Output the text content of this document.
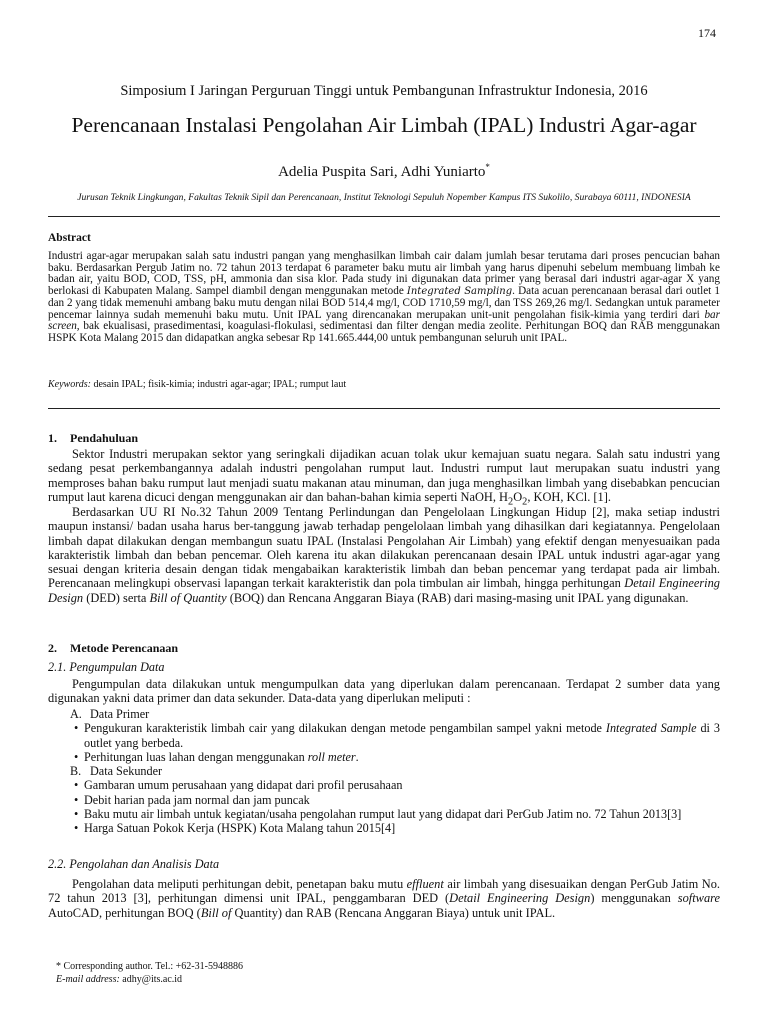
174
Simposium I Jaringan Perguruan Tinggi untuk Pembangunan Infrastruktur Indonesia, 2016
Perencanaan Instalasi Pengolahan Air Limbah (IPAL) Industri Agar-agar
Adelia Puspita Sari, Adhi Yuniarto*
Jurusan Teknik Lingkungan, Fakultas Teknik Sipil dan Perencanaan, Institut Teknologi Sepuluh Nopember Kampus ITS Sukolilo, Surabaya 60111, INDONESIA
Abstract
Industri agar-agar merupakan salah satu industri pangan yang menghasilkan limbah cair dalam jumlah besar terutama dari proses pencucian bahan baku. Berdasarkan Pergub Jatim no. 72 tahun 2013 terdapat 6 parameter baku mutu air limbah yang harus dipenuhi sebelum membuang limbah ke badan air, yaitu BOD, COD, TSS, pH, ammonia dan sisa klor. Pada study ini digunakan data primer yang berasal dari industri agar-agar X yang berlokasi di Kabupaten Malang. Sampel diambil dengan menggunakan metode Integrated Sampling. Data acuan perencanaan berasal dari outlet 1 dan 2 yang tidak memenuhi ambang baku mutu dengan nilai BOD 514,4 mg/l, COD 1710,59 mg/l, dan TSS 269,26 mg/l. Sedangkan untuk parameter pencemar lainnya sudah memenuhi baku mutu. Unit IPAL yang direncanakan merupakan unit-unit pengolahan fisik-kimia yang terdiri dari bar screen, bak ekualisasi, prasedimentasi, koagulasi-flokulasi, sedimentasi dan filter dengan media zeolite. Perhitungan BOQ dan RAB menggunakan HSPK Kota Malang 2015 dan didapatkan angka sebesar Rp 141.665.444,00 untuk pembangunan seluruh unit IPAL.
Keywords: desain IPAL; fisik-kimia; industri agar-agar; IPAL; rumput laut
1. Pendahuluan

Sektor Industri merupakan sektor yang seringkali dijadikan acuan tolak ukur kemajuan suatu negara. Salah satu industri yang sedang pesat perkembangannya adalah industri pengolahan rumput laut. Industri rumput laut merupakan suatu industri yang memproses bahan baku rumput laut menjadi suatu makanan atau minuman, dan juga menghasilkan limbah yang disebabkan pencucian rumput laut karena dicuci dengan menggunakan air dan bahan-bahan kimia seperti NaOH, $H_2O_2$, KOH, KCl. [1].

Berdasarkan UU RI No.32 Tahun 2009 Tentang Perlindungan dan Pengelolaan Lingkungan Hidup [2], maka setiap industri maupun instansi/ badan usaha harus ber-tanggung jawab terhadap pengelolaan limbah yang dihasilkan dari kegiatannya. Pengelolaan limbah dapat dilakukan dengan membangun suatu IPAL (Instalasi Pengolahan Air Limbah) yang efektif dengan menyesuaikan pada karakteristik limbah dan beban pencemar. Oleh karena itu akan dilakukan perencanaan desain IPAL untuk industri agar-agar yang sesuai dengan kriteria desain dengan tidak mengabaikan karakteristik limbah dan beban pencemar yang terdapat pada air limbah. Perencanaan melingkupi observasi lapangan terkait karakteristik dan pola timbulan air limbah, hingga perhitungan Detail Engineering Design (DED) serta Bill of Quantity (BOQ) dan Rencana Anggaran Biaya (RAB) dari masing-masing unit IPAL yang digunakan.

2. Metode Perencanaan
2.1. Pengumpulan Data

Pengumpulan data dilakukan untuk mengumpulkan data yang diperlukan dalam perencanaan. Terdapat 2 sumber data yang digunakan yakni data primer dan data sekunder. Data-data yang diperlukan meliputi :

A. Data Primer
• Pengukuran karakteristik limbah cair yang dilakukan dengan metode pengambilan sampel yakni metode Integrated Sample di 3 outlet yang berbeda.
• Perhitungan luas lahan dengan menggunakan roll meter.
B. Data Sekunder
• Gambaran umum perusahaan yang didapat dari profil perusahaan
• Debit harian pada jam normal dan jam puncak
• Baku mutu air limbah untuk kegiatan/usaha pengolahan rumput laut yang didapat dari PerGub Jatim no. 72 Tahun 2013[3]
• Harga Satuan Pokok Kerja (HSPK) Kota Malang tahun 2015[4]
2.2. Pengolahan dan Analisis Data

Pengolahan data meliputi perhitungan debit, penetapan baku mutu effluent air limbah yang disesuaikan dengan PerGub Jatim No. 72 tahun 2013 [3], perhitungan dimensi unit IPAL, penggambaran DED (Detail Engineering Design) menggunakan software AutoCAD, perhitungan BOQ (Bill of Quantity) dan RAB (Rencana Anggaran Biaya) untuk unit IPAL.

* Corresponding author. Tel.: +62-31-5948886
E-mail address: adhy@its.ac.id
